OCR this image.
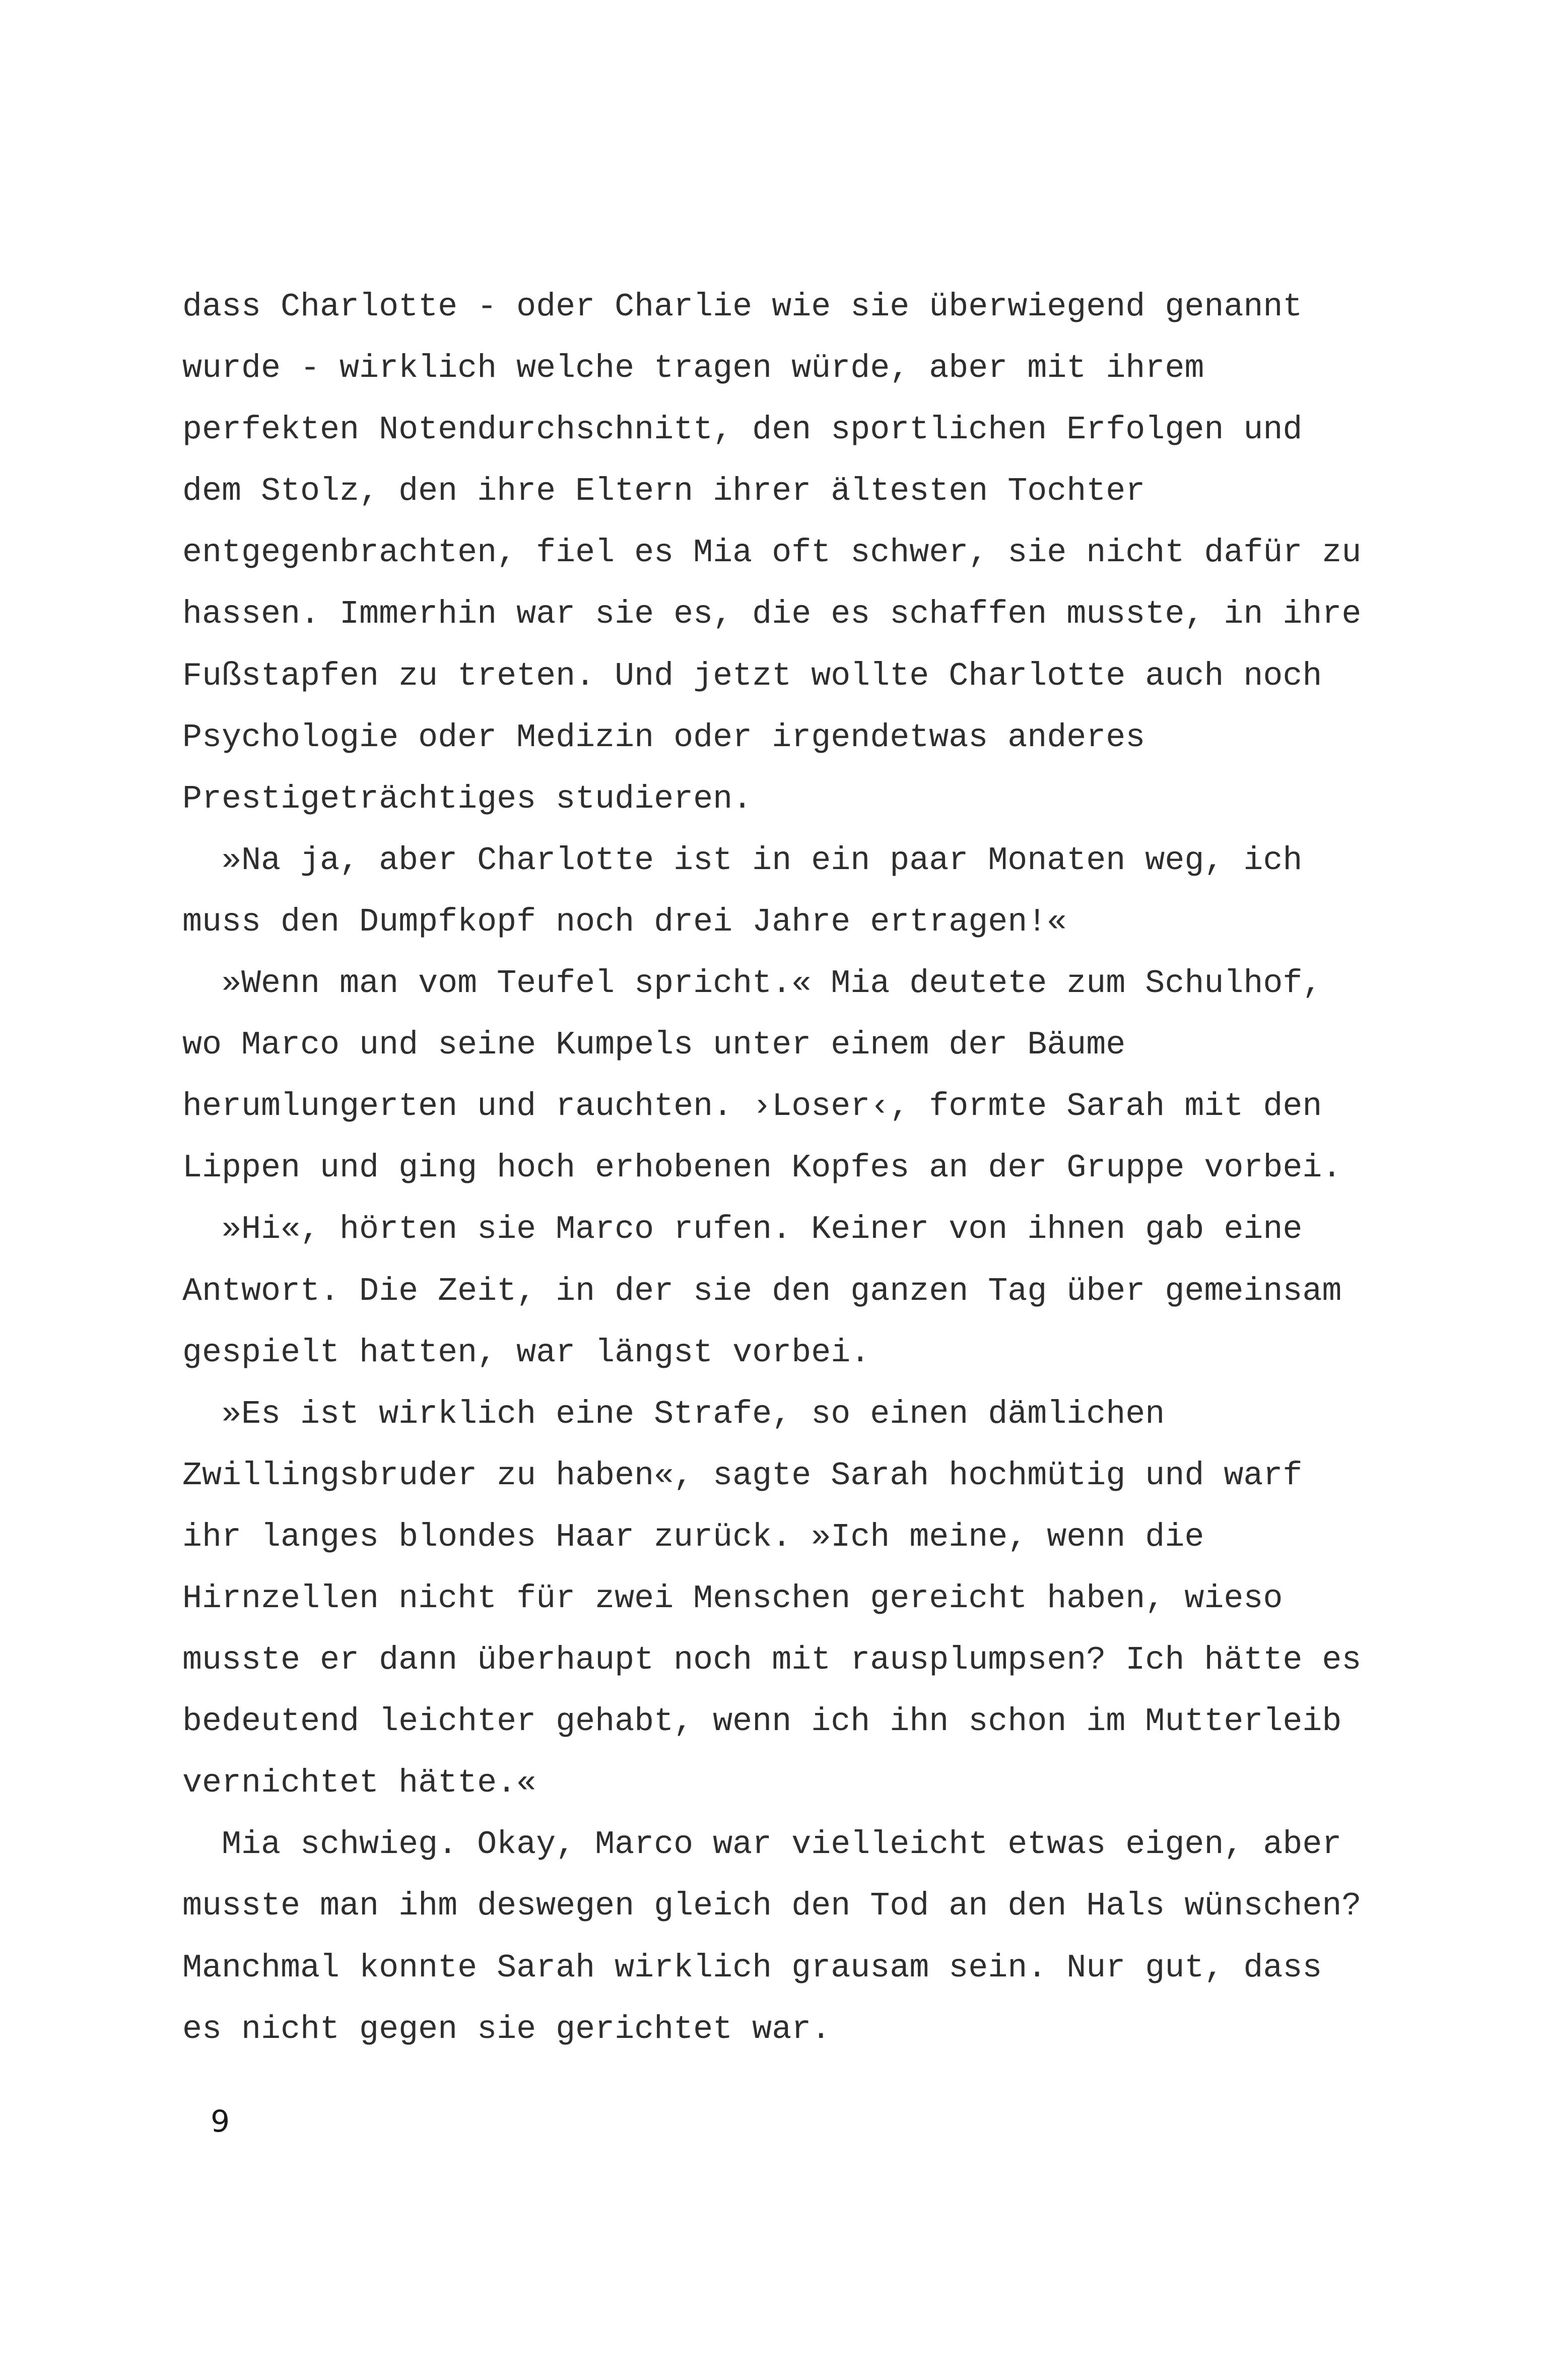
dass Charlotte - oder Charlie wie sie überwiegend genannt
wurde - wirklich welche tragen würde, aber mit ihrem
perfekten Notendurchschnitt, den sportlichen Erfolgen und
dem Stolz, den ihre Eltern ihrer ältesten Tochter
entgegenbrachten, fiel es Mia oft schwer, sie nicht dafür zu
hassen. Immerhin war sie es, die es schaffen musste, in ihre
Fußstapfen zu treten. Und jetzt wollte Charlotte auch noch
Psychologie oder Medizin oder irgendetwas anderes
Prestigeträchtiges studieren.
»Na ja, aber Charlotte ist in ein paar Monaten weg, ich
muss den Dumpfkopf noch drei Jahre ertragen!«
»Wenn man vom Teufel spricht.« Mia deutete zum Schulhof,
wo Marco und seine Kumpels unter einem der Bäume
herumlungerten und rauchten. ›Loser‹, formte Sarah mit den
Lippen und ging hoch erhobenen Kopfes an der Gruppe vorbei.
»Hi«, hörten sie Marco rufen. Keiner von ihnen gab eine
Antwort. Die Zeit, in der sie den ganzen Tag über gemeinsam
gespielt hatten, war längst vorbei.
»Es ist wirklich eine Strafe, so einen dämlichen
Zwillingsbruder zu haben«, sagte Sarah hochmütig und warf
ihr langes blondes Haar zurück. »Ich meine, wenn die
Hirnzellen nicht für zwei Menschen gereicht haben, wieso
musste er dann überhaupt noch mit rausplumpsen? Ich hätte es
bedeutend leichter gehabt, wenn ich ihn schon im Mutterleib
vernichtet hätte.«
Mia schwieg. Okay, Marco war vielleicht etwas eigen, aber
musste man ihm deswegen gleich den Tod an den Hals wünschen?
Manchmal konnte Sarah wirklich grausam sein. Nur gut, dass
es nicht gegen sie gerichtet war.
9
